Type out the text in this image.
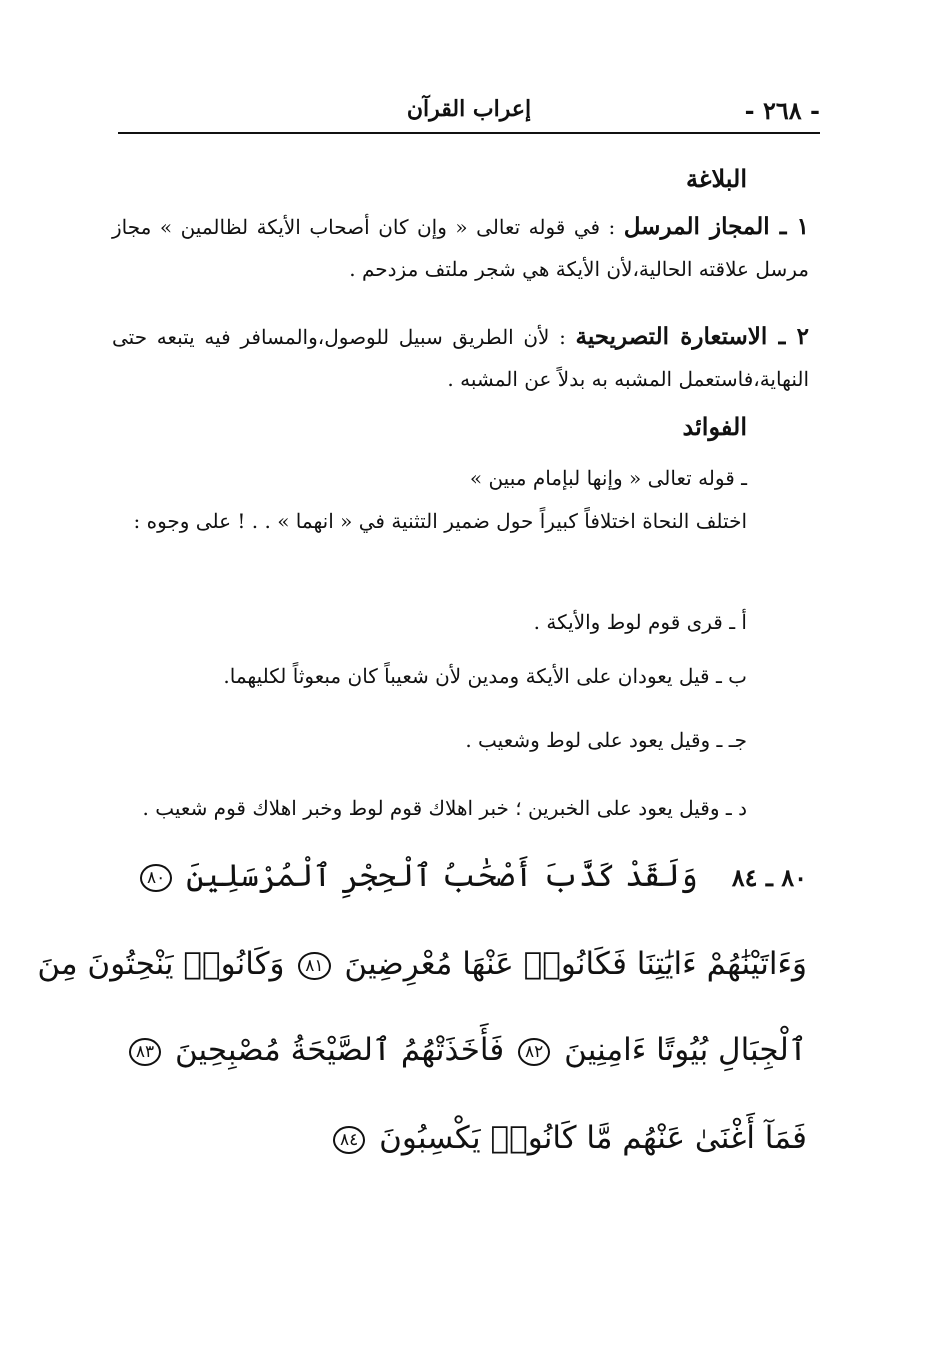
- ٢٦٨ -
إعراب القرآن
البلاغة
١ ـ المجاز المرسل : في قوله تعالى « وإن كان أصحاب الأيكة لظالمين » مجاز مرسل علاقته الحالية،لأن الأيكة هي شجر ملتف مزدحم .
٢ ـ الاستعارة التصريحية : لأن الطريق سبيل للوصول،والمسافر فيه يتبعه حتى النهاية،فاستعمل المشبه به بدلاً عن المشبه .
الفوائد
ـ قوله تعالى « وإنها لبإمام مبين »
اختلف النحاة اختلافاً كبيراً حول ضمير التثنية في « انهما » . . ! على وجوه :
أ ـ قرى قوم لوط والأيكة .
ب ـ قيل يعودان على الأيكة ومدين لأن شعيباً كان مبعوثاً لكليهما.
جـ ـ وقيل يعود على لوط وشعيب .
د ـ وقيل يعود على الخبرين ؛ خبر اهلاك قوم لوط وخبر اهلاك قوم شعيب .
٨٠ ـ ٨٤ وَلَقَدْ كَذَّبَ أَصْحَٰبُ ٱلْحِجْرِ ٱلْمُرْسَلِينَ ٨٠
وَءَاتَيْنَٰهُمْ ءَايَٰتِنَا فَكَانُوا۟ عَنْهَا مُعْرِضِينَ ٨١ وَكَانُوا۟ يَنْحِتُونَ مِنَ
ٱلْجِبَالِ بُيُوتًا ءَامِنِينَ ٨٢ فَأَخَذَتْهُمُ ٱلصَّيْحَةُ مُصْبِحِينَ ٨٣
فَمَآ أَغْنَىٰ عَنْهُم مَّا كَانُوا۟ يَكْسِبُونَ ٨٤
